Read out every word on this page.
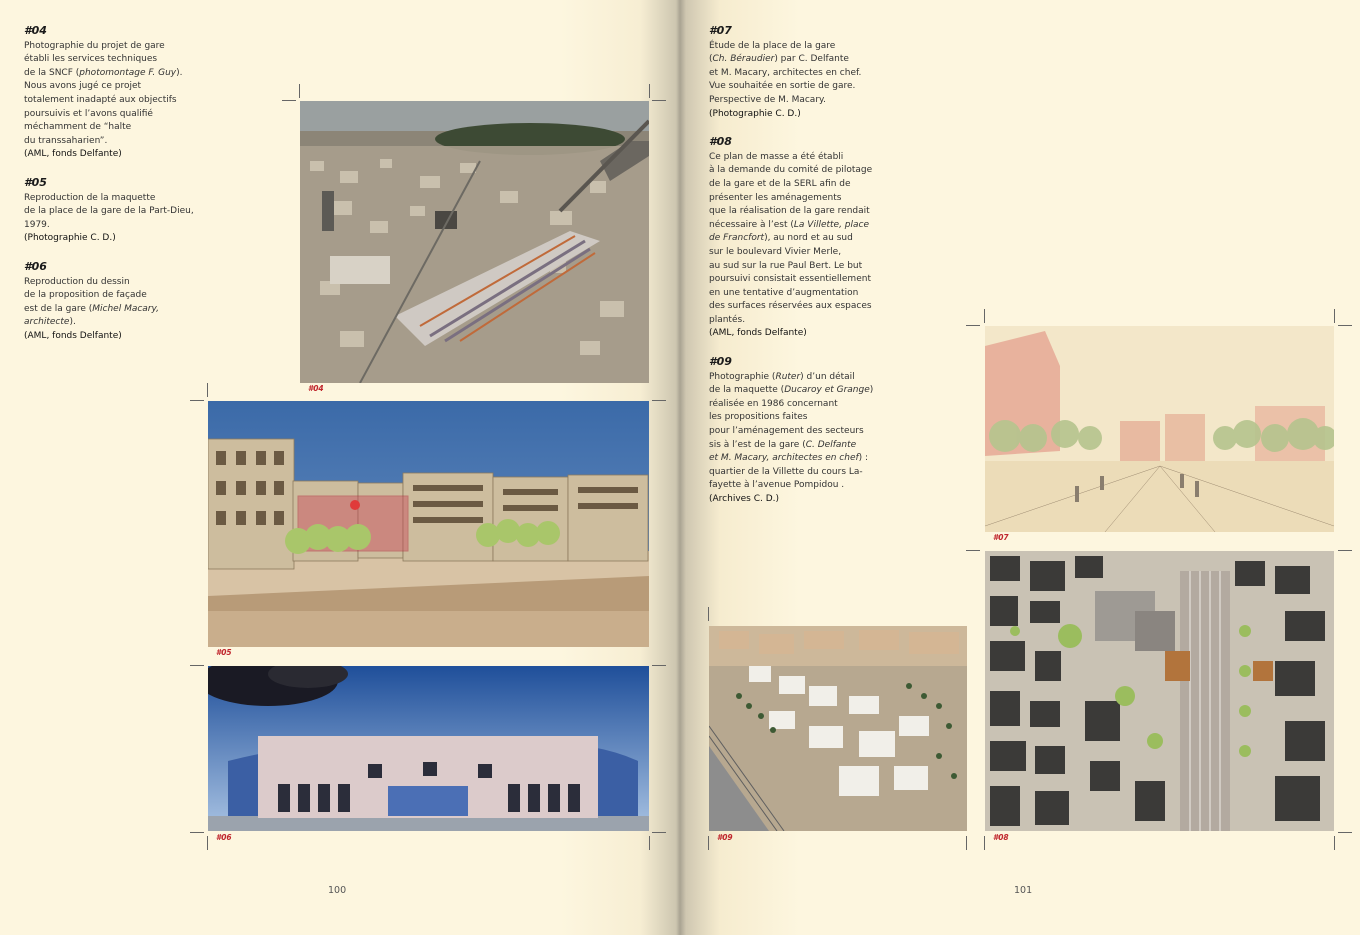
#04

Photographie du projet de gare

établi les services techniques

de la SNCF (photomontage F. Guy).

Nous avons jugé ce projet

totalement inadapté aux objectifs

poursuivis et l’avons qualifié

méchamment de “halte

du transsaharien”.

(AML, fonds Delfante)

#05

Reproduction de la maquette

de la place de la gare de la Part-Dieu,

1979.

(Photographie C. D.)

#06

Reproduction du dessin

de la proposition de façade

est de la gare (Michel Macary,

architecte).

(AML, fonds Delfante)

#07

Étude de la place de la gare

(Ch. Béraudier) par C. Delfante

et M. Macary, architectes en chef.

Vue souhaitée en sortie de gare.

Perspective de M. Macary.

(Photographie C. D.)

#08

Ce plan de masse a été établi

à la demande du comité de pilotage

de la gare et de la SERL afin de

présenter les aménagements

que la réalisation de la gare rendait

nécessaire à l’est (La Villette, place

de Francfort), au nord et au sud

sur le boulevard Vivier Merle,

au sud sur la rue Paul Bert. Le but

poursuivi consistait essentiellement

en une tentative d’augmentation

des surfaces réservées aux espaces

plantés.

(AML, fonds Delfante)

#09

Photographie (Ruter) d’un détail

de la maquette (Ducaroy et Grange)

réalisée en 1986 concernant

les propositions faites

pour l’aménagement des secteurs

sis à l’est de la gare (C. Delfante

et M. Macary, architectes en chef) :

quartier de la Villette du cours La-

fayette à l’avenue Pompidou .

(Archives C. D.)

#04
#05
#06
#07
#09	#08
100	101
